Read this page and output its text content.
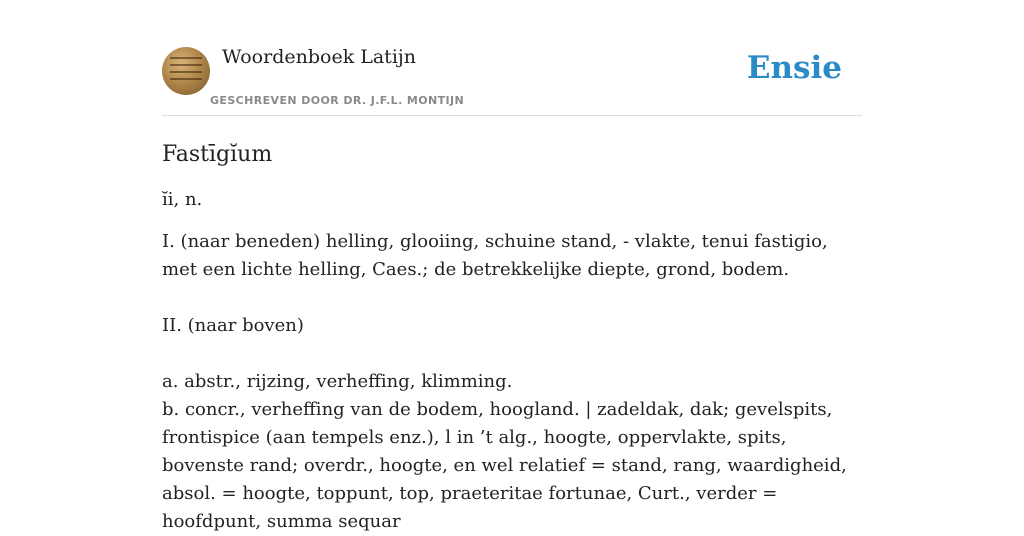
Woordenboek Latijn
GESCHREVEN DOOR DR. J.F.L. MONTIJN
Ensie
Fastīgĭum
ĭi, n.

I. (naar beneden) helling, glooiing, schuine stand, - vlakte, tenui fastigio, met een lichte helling, Caes.; de betrekkelijke diepte, grond, bodem.

II. (naar boven)

a. abstr., rijzing, verheffing, klimming.

b. concr., verheffing van de bodem, hoogland. | zadeldak, dak; gevelspits, frontispice (aan tempels enz.), l in ’t alg., hoogte, oppervlakte, spits, bovenste rand; overdr., hoogte, en wel relatief = stand, rang, waardigheid, absol. = hoogte, toppunt, top, praeteritae fortunae, Curt., verder = hoofdpunt, summa sequar
